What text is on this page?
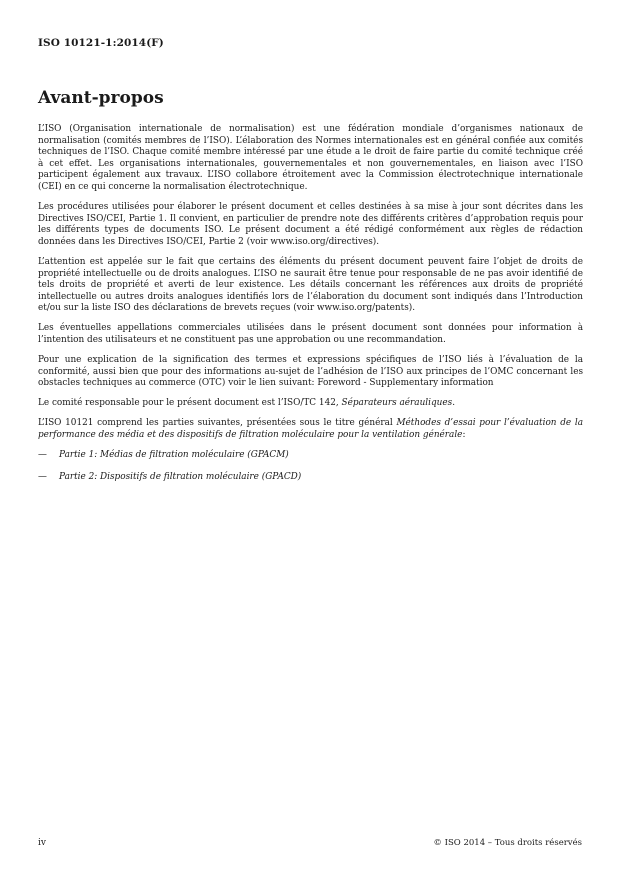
ISO 10121-1:2014(F)
Avant-propos

L’ISO (Organisation internationale de normalisation) est une fédération mondiale d’organismes nationaux de normalisation (comités membres de l’ISO). L’élaboration des Normes internationales est en général confiée aux comités techniques de l’ISO. Chaque comité membre intéressé par une étude a le droit de faire partie du comité technique créé à cet effet. Les organisations internationales, gouvernementales et non gouvernementales, en liaison avec l’ISO participent également aux travaux. L’ISO collabore étroitement avec la Commission électrotechnique internationale (CEI) en ce qui concerne la normalisation électrotechnique.

Les procédures utilisées pour élaborer le présent document et celles destinées à sa mise à jour sont décrites dans les Directives ISO/CEI, Partie 1. Il convient, en particulier de prendre note des différents critères d’approbation requis pour les différents types de documents ISO. Le présent document a été rédigé conformément aux règles de rédaction données dans les Directives ISO/CEI, Partie 2 (voir www.iso.org/directives).

L’attention est appelée sur le fait que certains des éléments du présent document peuvent faire l’objet de droits de propriété intellectuelle ou de droits analogues. L’ISO ne saurait être tenue pour responsable de ne pas avoir identifié de tels droits de propriété et averti de leur existence. Les détails concernant les références aux droits de propriété intellectuelle ou autres droits analogues identifiés lors de l’élaboration du document sont indiqués dans l’Introduction et/ou sur la liste ISO des déclarations de brevets reçues (voir www.iso.org/patents).

Les éventuelles appellations commerciales utilisées dans le présent document sont données pour information à l’intention des utilisateurs et ne constituent pas une approbation ou une recommandation.

Pour une explication de la signification des termes et expressions spécifiques de l’ISO liés à l’évaluation de la conformité, aussi bien que pour des informations au-sujet de l’adhésion de l’ISO aux principes de l’OMC concernant les obstacles techniques au commerce (OTC) voir le lien suivant: Foreword - Supplementary information

Le comité responsable pour le présent document est l’ISO/TC 142, Séparateurs aérauliques.

L’ISO 10121 comprend les parties suivantes, présentées sous le titre général Méthodes d’essai pour l’évaluation de la performance des média et des dispositifs de filtration moléculaire pour la ventilation générale:

— Partie 1: Médias de filtration moléculaire (GPACM)

— Partie 2: Dispositifs de filtration moléculaire (GPACD)

iv	© ISO 2014 – Tous droits réservés
